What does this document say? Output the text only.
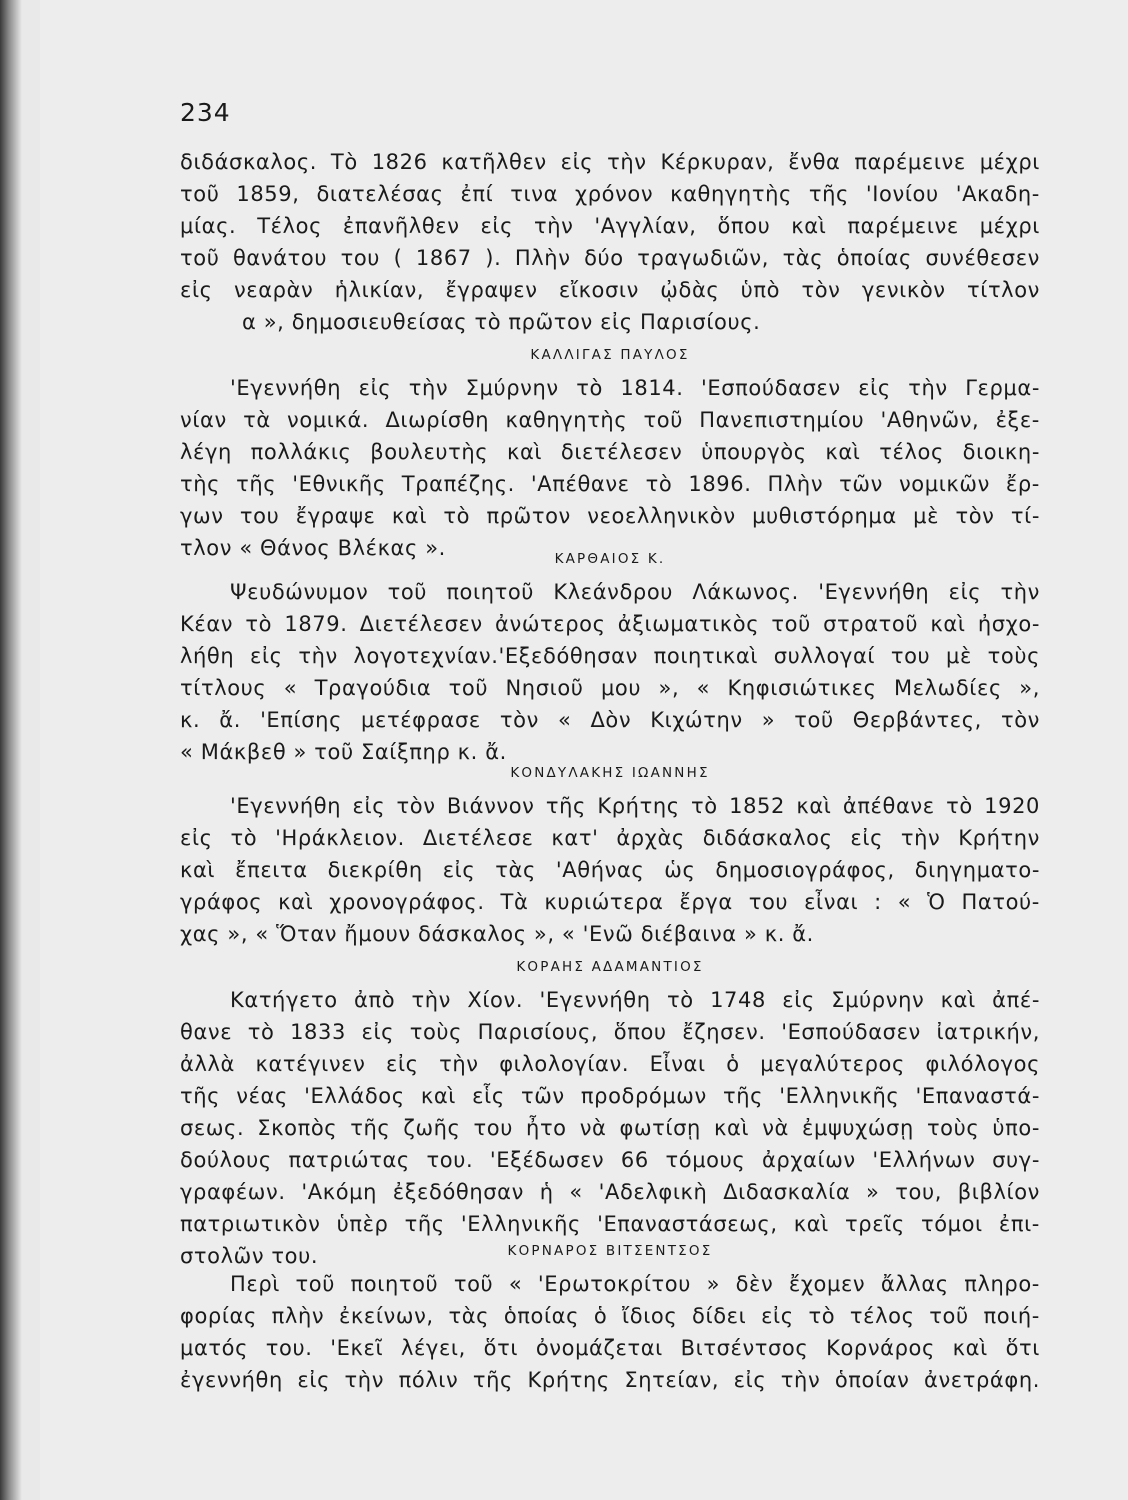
234
διδάσκαλος. Τὸ 1826 κατῆλθεν εἰς τὴν Κέρκυραν, ἔνθα παρέμεινε μέχρι
τοῦ 1859, διατελέσας ἐπί τινα χρόνον καθηγητὴς τῆς 'Ιονίου 'Ακαδη-
μίας. Τέλος ἐπανῆλθεν εἰς τὴν 'Αγγλίαν, ὅπου καὶ παρέμεινε μέχρι
τοῦ θανάτου του ( 1867 ). Πλὴν δύο τραγωδιῶν, τὰς ὁποίας συνέθεσεν
εἰς νεαρὰν ἡλικίαν, ἔγραψεν εἴκοσιν ᾠδὰς ὑπὸ τὸν γενικὸν τίτλον
α », δημοσιευθείσας τὸ πρῶτον εἰς Παρισίους.
ΚΑΛΛΙΓΑΣ ΠΑΥΛΟΣ
'Εγεννήθη εἰς τὴν Σμύρνην τὸ 1814. 'Εσπούδασεν εἰς τὴν Γερμα-
νίαν τὰ νομικά. Διωρίσθη καθηγητὴς τοῦ Πανεπιστημίου 'Αθηνῶν, ἐξε-
λέγη πολλάκις βουλευτὴς καὶ διετέλεσεν ὑπουργὸς καὶ τέλος διοικη-
τὴς τῆς 'Εθνικῆς Τραπέζης. 'Απέθανε τὸ 1896. Πλὴν τῶν νομικῶν ἔρ-
γων του ἔγραψε καὶ τὸ πρῶτον νεοελληνικὸν μυθιστόρημα μὲ τὸν τί-
τλον « Θάνος Βλέκας ».	ΚΑΡΘΑΙΟΣ Κ.
Ψευδώνυμον τοῦ ποιητοῦ Κλεάνδρου Λάκωνος. 'Εγεννήθη εἰς τὴν
Κέαν τὸ 1879. Διετέλεσεν ἀνώτερος ἀξιωματικὸς τοῦ στρατοῦ καὶ ἠσχο-
λήθη εἰς τὴν λογοτεχνίαν.'Εξεδόθησαν ποιητικαὶ συλλογαί του μὲ τοὺς
τίτλους « Τραγούδια τοῦ Νησιοῦ μου », « Κηφισιώτικες Μελωδίες »,
κ. ἄ. 'Επίσης μετέφρασε τὸν « Δὸν Κιχώτην » τοῦ Θερβάντες, τὸν
« Μάκβεθ » τοῦ Σαίξπηρ κ. ἄ.
ΚΟΝΔΥΛΑΚΗΣ ΙΩΑΝΝΗΣ
'Εγεννήθη εἰς τὸν Βιάννον τῆς Κρήτης τὸ 1852 καὶ ἀπέθανε τὸ 1920
εἰς τὸ 'Ηράκλειον. Διετέλεσε κατ' ἀρχὰς διδάσκαλος εἰς τὴν Κρήτην
καὶ ἔπειτα διεκρίθη εἰς τὰς 'Αθήνας ὡς δημοσιογράφος, διηγηματο-
γράφος καὶ χρονογράφος. Τὰ κυριώτερα ἔργα του εἶναι : « Ὁ Πατού-
χας », « Ὅταν ἤμουν δάσκαλος », « 'Ενῶ διέβαινα » κ. ἄ.
ΚΟΡΑΗΣ ΑΔΑΜΑΝΤΙΟΣ
Κατήγετο ἀπὸ τὴν Χίον. 'Εγεννήθη τὸ 1748 εἰς Σμύρνην καὶ ἀπέ-
θανε τὸ 1833 εἰς τοὺς Παρισίους, ὅπου ἔζησεν. 'Εσπούδασεν ἰατρικήν,
ἀλλὰ κατέγινεν εἰς τὴν φιλολογίαν. Εἶναι ὁ μεγαλύτερος φιλόλογος
τῆς νέας 'Ελλάδος καὶ εἷς τῶν προδρόμων τῆς 'Ελληνικῆς 'Επαναστά-
σεως. Σκοπὸς τῆς ζωῆς του ἦτο νὰ φωτίσῃ καὶ νὰ ἐμψυχώσῃ τοὺς ὑπο-
δούλους πατριώτας του. 'Εξέδωσεν 66 τόμους ἀρχαίων 'Ελλήνων συγ-
γραφέων. 'Ακόμη ἐξεδόθησαν ἡ « 'Αδελφικὴ Διδασκαλία » του, βιβλίον
πατριωτικὸν ὑπὲρ τῆς 'Ελληνικῆς 'Επαναστάσεως, καὶ τρεῖς τόμοι ἐπι-
στολῶν του.	ΚΟΡΝΑΡΟΣ ΒΙΤΣΕΝΤΣΟΣ
Περὶ τοῦ ποιητοῦ τοῦ « 'Ερωτοκρίτου » δὲν ἔχομεν ἄλλας πληρο-
φορίας πλὴν ἐκείνων, τὰς ὁποίας ὁ ἴδιος δίδει εἰς τὸ τέλος τοῦ ποιή-
ματός του. 'Εκεῖ λέγει, ὅτι ὀνομάζεται Βιτσέντσος Κορνάρος καὶ ὅτι
ἐγεννήθη εἰς τὴν πόλιν τῆς Κρήτης Σητείαν, εἰς τὴν ὁποίαν ἀνετράφη.
